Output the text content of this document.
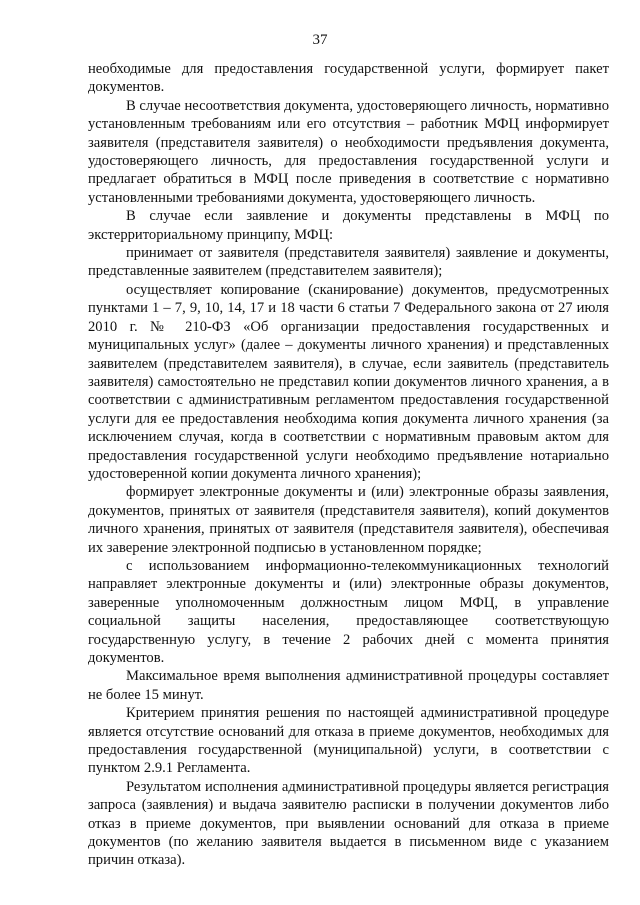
37

необходимые для предоставления государственной услуги, формирует пакет документов.

В случае несоответствия документа, удостоверяющего личность, нормативно установленным требованиям или его отсутствия – работник МФЦ информирует заявителя (представителя заявителя) о необходимости предъявления документа, удостоверяющего личность, для предоставления государственной услуги и предлагает обратиться в МФЦ после приведения в соответствие с нормативно установленными требованиями документа, удостоверяющего личность.

В случае если заявление и документы представлены в МФЦ по экстерриториальному принципу, МФЦ:

принимает от заявителя (представителя заявителя) заявление и документы, представленные заявителем (представителем заявителя);

осуществляет копирование (сканирование) документов, предусмотренных пунктами 1 – 7, 9, 10, 14, 17 и 18 части 6 статьи 7 Федерального закона от 27 июля 2010 г. № 210-ФЗ «Об организации предоставления государственных и муниципальных услуг» (далее – документы личного хранения) и представленных заявителем (представителем заявителя), в случае, если заявитель (представитель заявителя) самостоятельно не представил копии документов личного хранения, а в соответствии с административным регламентом предоставления государственной услуги для ее предоставления необходима копия документа личного хранения (за исключением случая, когда в соответствии с нормативным правовым актом для предоставления государственной услуги необходимо предъявление нотариально удостоверенной копии документа личного хранения);

формирует электронные документы и (или) электронные образы заявления, документов, принятых от заявителя (представителя заявителя), копий документов личного хранения, принятых от заявителя (представителя заявителя), обеспечивая их заверение электронной подписью в установленном порядке;

с использованием информационно-телекоммуникационных технологий направляет электронные документы и (или) электронные образы документов, заверенные уполномоченным должностным лицом МФЦ, в управление социальной защиты населения, предоставляющее соответствующую государственную услугу, в течение 2 рабочих дней с момента принятия документов.

Максимальное время выполнения административной процедуры составляет не более 15 минут.

Критерием принятия решения по настоящей административной процедуре является отсутствие оснований для отказа в приеме документов, необходимых для предоставления государственной (муниципальной) услуги, в соответствии с пунктом 2.9.1 Регламента.

Результатом исполнения административной процедуры является регистрация запроса (заявления) и выдача заявителю расписки в получении документов либо отказ в приеме документов, при выявлении оснований для отказа в приеме документов (по желанию заявителя выдается в письменном виде с указанием причин отказа).
